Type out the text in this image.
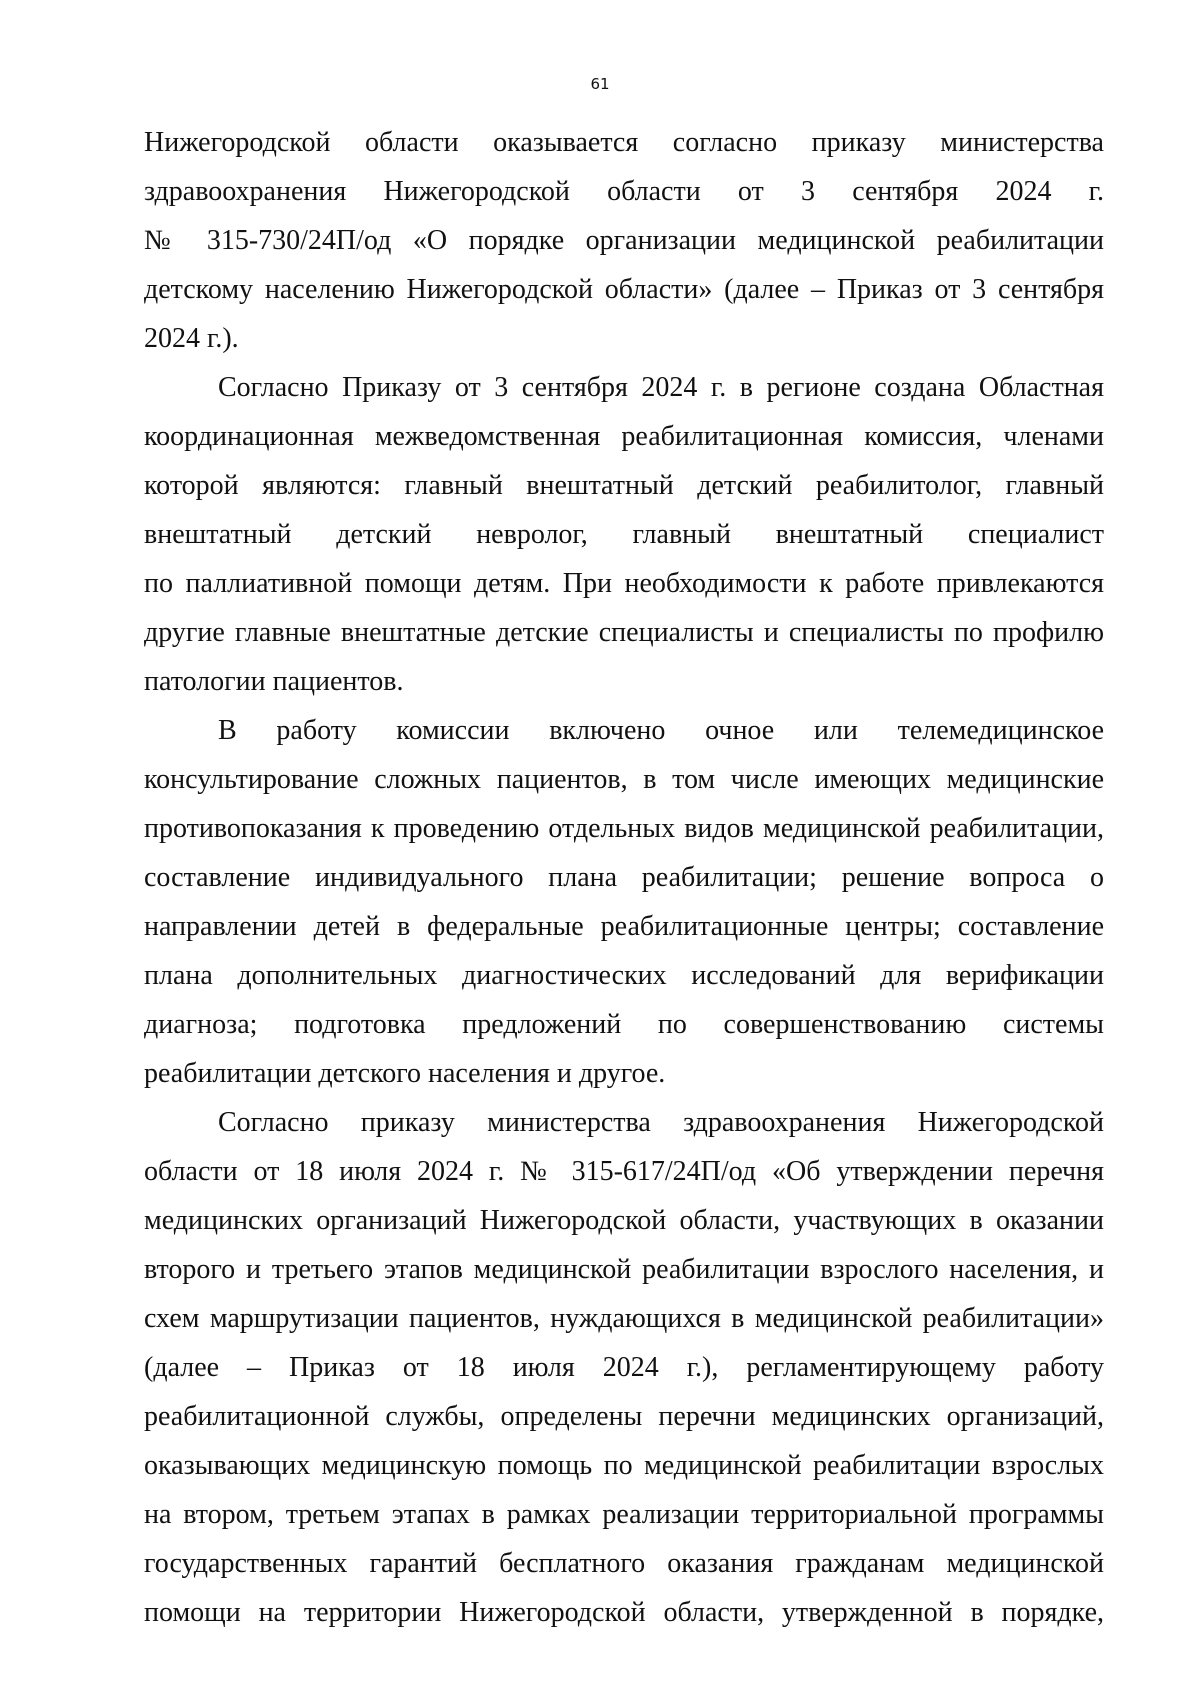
61

Нижегородской области оказывается согласно приказу министерства
здравоохранения Нижегородской области от 3 сентября 2024 г.
№ 315-730/24П/од «О порядке организации медицинской реабилитации
детскому населению Нижегородской области» (далее – Приказ от 3 сентября
2024 г.).

Согласно Приказу от 3 сентября 2024 г. в регионе создана Областная
координационная межведомственная реабилитационная комиссия, членами
которой являются: главный внештатный детский реабилитолог, главный
внештатный детский невролог, главный внештатный специалист
по паллиативной помощи детям. При необходимости к работе привлекаются
другие главные внештатные детские специалисты и специалисты по профилю
патологии пациентов.

В работу комиссии включено очное или телемедицинское
консультирование сложных пациентов, в том числе имеющих медицинские
противопоказания к проведению отдельных видов медицинской реабилитации,
составление индивидуального плана реабилитации; решение вопроса о
направлении детей в федеральные реабилитационные центры; составление
плана дополнительных диагностических исследований для верификации
диагноза; подготовка предложений по совершенствованию системы
реабилитации детского населения и другое.

Согласно приказу министерства здравоохранения Нижегородской
области от 18 июля 2024 г. № 315-617/24П/од «Об утверждении перечня
медицинских организаций Нижегородской области, участвующих в оказании
второго и третьего этапов медицинской реабилитации взрослого населения, и
схем маршрутизации пациентов, нуждающихся в медицинской реабилитации»
(далее – Приказ от 18 июля 2024 г.), регламентирующему работу
реабилитационной службы, определены перечни медицинских организаций,
оказывающих медицинскую помощь по медицинской реабилитации взрослых
на втором, третьем этапах в рамках реализации территориальной программы
государственных гарантий бесплатного оказания гражданам медицинской
помощи на территории Нижегородской области, утвержденной в порядке,
